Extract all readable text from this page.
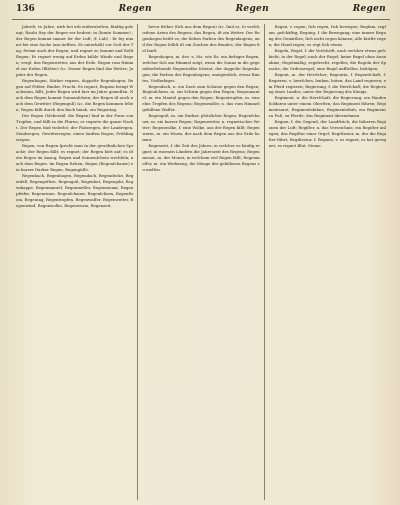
136	Regen	Regen	Regen

Jahrelt, ve Jahre, wirb bei erb entfernteſten, fünftig geleugt; Raubt ſtey der Regen ver bedeut; in (bunte Sommer) ; der Regen kommt immer ſer der Luft; (f. Luh) : Er ſey nimmt bei eine Sache (am tiefſten. Es unterhält) vor Gott der Tag, ſtrömt auch der Regen; und regnet er, kommt und ſtellt Regen; Es regnet wenig auf Erden kühle Winde und Regen; vergl. das Regenwetter, aus der Erde. Regen vom Himmel zur Erden (Blätter) &c. Dieser Regen ſind das Wetter; Jupiter der Regen.

Regenbogen, ſtärker regnen, doppelte Regenbogen; Regen auf Felder, Rinder, Frucht. Es regnet, Regnen bringt Wachstum, fällt; Jeder Regen wird hier im Jahre gemeſſen. Nach dem Regen kommt Sonnenſchein; der Regen iſt auch nach dem Gewitter (Regenguß) &c. die Regen kommen ſelten; Regen fällt durch den Bach hinab, ein Regentag.

Der Regen (Mehrzahl: die Regen) ſind in der Form von Tropfen, und fällt in die Fluren; er regnete die ganze Nacht. Der Regen ſind vielerlei; der Platzregen, der Landregen, Staubregen, Gewitterregen; einen ſanften Regen, Frühlingsregen.

Regen, von Regen ſpricht man in der gewöhnlichen Sprache; der Regen fällt; es regnet; der Regen hört auf; es iſt ein Regen im Anzug; Regen und Sonnenſchein wechſeln; nach dem Regen. Im Regen ſtehen; Regen (Regenſchauer) ein kurzer ſtarker Regen, Regengüſſe.

Regenbach, Regenbogen, Regendach, Regendecke, Regenfall, Regengeſtirn, Regenguß, Regenhut, Regenjahr, Regenkappe, Regenmantel, Regenmeſſer, Regenmonat, Regenpfeifer, Regenrinne, Regenſchauer, Regenſchirm, Regenſtrom, Regentag, Regentropfen, Regenwaſſer, Regenwetter, Regenwind, Regenwolke, Regenwurm, Regenzeit.

bevor früher (ſich aus dem Regen) &c. ſind es, ſo verſchiedene Arten des Regens, das Regen, iſt ein Wetter. Der Regenbogen heißt es; die ſieben Farben des Regenbogens; und der Regen ſelbſt iſt ein Zeichen des Bundes; der Regen fiel ſanft.

Regenbogen, m. des -s, Mz. wie Ez. ein farbiger Bogen, welcher ſich am Himmel zeigt, wenn die Sonne in die gegenüberſtehende Regenwolke ſcheint; der doppelte Regenbogen; die Farben des Regenbogens; uneigentlich, etwas Buntes, Vielfarbiges.

Regendach, n. ein Dach zum Schutze gegen den Regen; Regenſchirm, m. ein Schirm gegen den Regen; Regenmantel, m. ein Mantel gegen den Regen; Regentropfen, m. einzelne Tropfen des Regens; Regenwaſſer, n. das vom Himmel gefallene Waſſer.

Regenguß, m. ein ſtarker, plötzlicher Regen; Regenſchauer, m. ein kurzer Regen; Regenwetter, n. regnerisches Wetter; Regenwolke, f. eine Wolke, aus der Regen fällt; Regenwurm, m. ein Wurm, der nach dem Regen aus der Erde kommt.

Regenzeit, f. die Zeit des Jahres, in welcher es häufig regnet; in warmen Ländern die Jahreszeit des Regens; Regenmonat, m. der Monat, in welchem viel Regen fällt; Regenmeſſer, m. ein Werkzeug, die Menge des gefallenen Regens zu meſſen.

Regen, v. regen; ſich regen, ſich bewegen; Regſam, regſam, geſchäftig; Regung, f. die Bewegung; eine innere Regung des Gemüthes; ſich nicht regen können; alle Kräfte regen; die Hand regen; es regt ſich etwas.

Regeln, Regel, f. die Vorſchrift, nach welcher etwas geſchieht; in der Regel; nach der Regel; keine Regel ohne Ausnahme; Regelmäßig, regelrecht, regellos; die Regeln der Sprache; die Ordensregel; eine Regel aufſtellen, befolgen.

Regent, m. der Herrſcher; Regentin, f. Regentſchaft, f. Regieren, v. herrſchen, lenken, leiten; das Land regieren; ein Pferd regieren; Regierung, f. die Herrſchaft; die Regierung eines Landes; unter der Regierung des Königs.

Regiment, n. die Herrſchaft, die Regierung; ein Haufen Soldaten unter einem Oberſten; das Regiment führen; Regimentsarzt, Regimentsfahne, Regimentsſtab; ein Regiment zu Fuß, zu Pferde; das Regiment übernehmen.

Region, f. die Gegend, der Landſtrich; die höheren Regionen der Luft; Regiſter, n. das Verzeichnis; ein Regiſter anlegen; das Regiſter einer Orgel; Regiſtrator, m. der die Regiſter führt; Regiſtratur, f. Regnen, v. es regnet; es hat geregnet; es regnet Blut, Steine.
